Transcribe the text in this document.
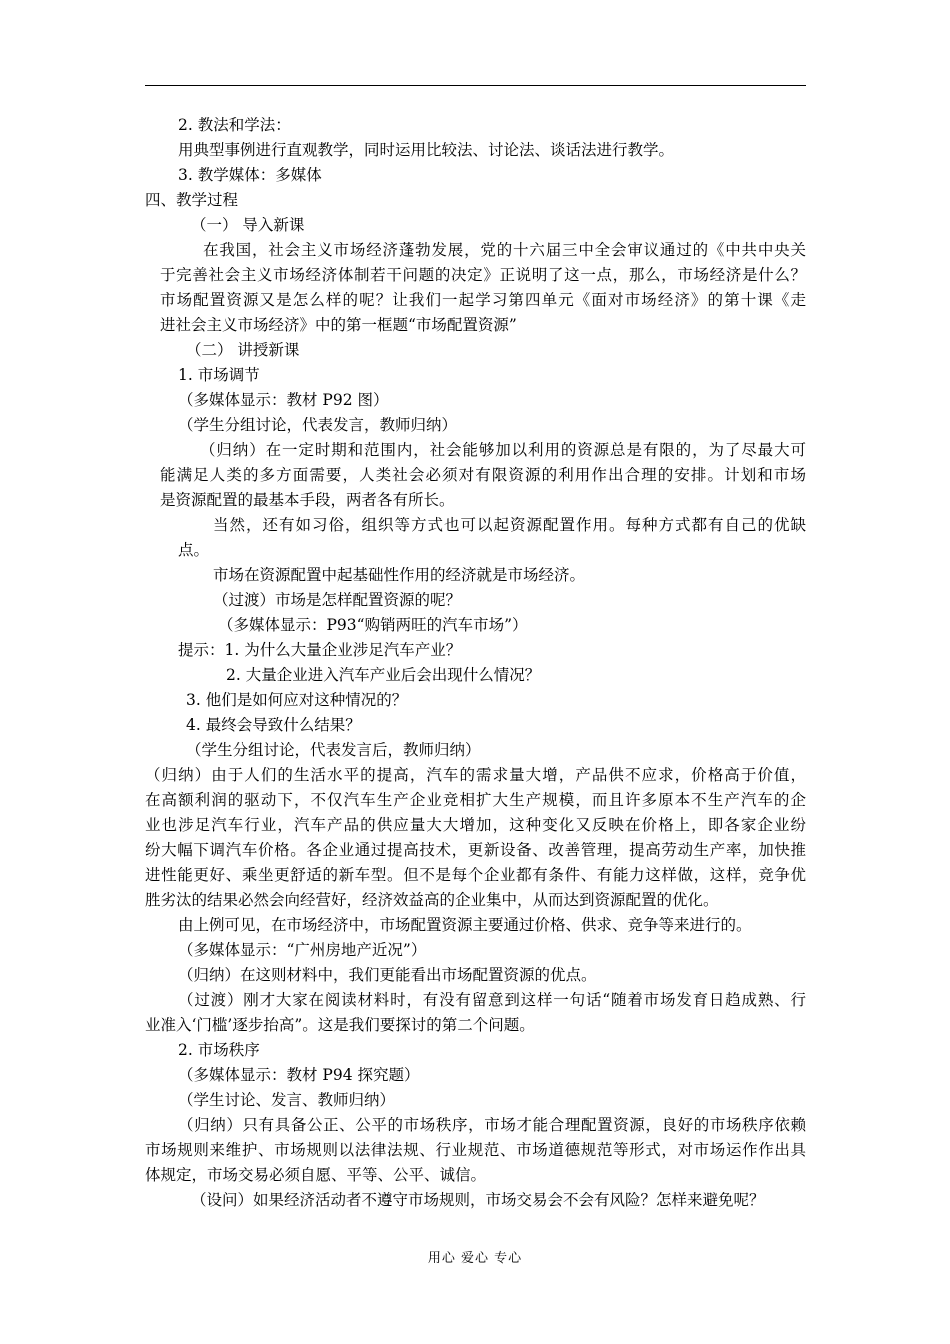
2. 教法和学法：
用典型事例进行直观教学，同时运用比较法、讨论法、谈话法进行教学。
3. 教学媒体：多媒体
四、教学过程
（一） 导入新课
在我国，社会主义市场经济蓬勃发展，党的十六届三中全会审议通过的《中共中央关
于完善社会主义市场经济体制若干问题的决定》正说明了这一点，那么，市场经济是什么？
市场配置资源又是怎么样的呢？让我们一起学习第四单元《面对市场经济》的第十课《走
进社会主义市场经济》中的第一框题“市场配置资源”
（二） 讲授新课
1. 市场调节
（多媒体显示：教材 P92 图）
（学生分组讨论，代表发言，教师归纳）
（归纳）在一定时期和范围内，社会能够加以利用的资源总是有限的，为了尽最大可
能满足人类的多方面需要，人类社会必须对有限资源的利用作出合理的安排。计划和市场
是资源配置的最基本手段，两者各有所长。
当然，还有如习俗，组织等方式也可以起资源配置作用。每种方式都有自己的优缺
点。
市场在资源配置中起基础性作用的经济就是市场经济。
（过渡）市场是怎样配置资源的呢？
（多媒体显示：P93“购销两旺的汽车市场”）
提示：1. 为什么大量企业涉足汽车产业？
2. 大量企业进入汽车产业后会出现什么情况？
3. 他们是如何应对这种情况的？
4. 最终会导致什么结果？
（学生分组讨论，代表发言后，教师归纳）
（归纳）由于人们的生活水平的提高，汽车的需求量大增，产品供不应求，价格高于价值，
在高额利润的驱动下，不仅汽车生产企业竞相扩大生产规模，而且许多原本不生产汽车的企
业也涉足汽车行业，汽车产品的供应量大大增加，这种变化又反映在价格上，即各家企业纷
纷大幅下调汽车价格。各企业通过提高技术，更新设备、改善管理，提高劳动生产率，加快推
进性能更好、乘坐更舒适的新车型。但不是每个企业都有条件、有能力这样做，这样，竞争优
胜劣汰的结果必然会向经营好，经济效益高的企业集中，从而达到资源配置的优化。
由上例可见，在市场经济中，市场配置资源主要通过价格、供求、竞争等来进行的。
（多媒体显示：“广州房地产近况”）
（归纳）在这则材料中，我们更能看出市场配置资源的优点。
（过渡）刚才大家在阅读材料时，有没有留意到这样一句话“随着市场发育日趋成熟、行
业准入‘门槛’逐步抬高”。这是我们要探讨的第二个问题。
2. 市场秩序
（多媒体显示：教材 P94 探究题）
（学生讨论、发言、教师归纳）
（归纳）只有具备公正、公平的市场秩序，市场才能合理配置资源，良好的市场秩序依赖
市场规则来维护、市场规则以法律法规、行业规范、市场道德规范等形式，对市场运作作出具
体规定，市场交易必须自愿、平等、公平、诚信。
（设问）如果经济活动者不遵守市场规则，市场交易会不会有风险？怎样来避免呢？
用心 爱心 专心
